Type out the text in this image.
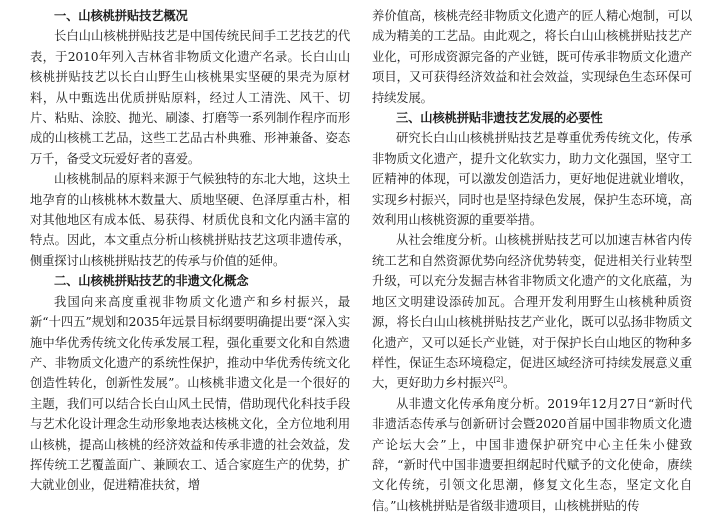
一、山核桃拼贴技艺概况

长白山山核桃拼贴技艺是中国传统民间手工艺技艺的代表，于2010年列入吉林省非物质文化遗产名录。长白山山核桃拼贴技艺以长白山野生山核桃果实坚硬的果壳为原材料，从中甄选出优质拼贴原料，经过人工清洗、风干、切片、粘贴、涂胶、抛光、刷漆、打磨等一系列制作程序而形成的山核桃工艺品，这些工艺品古朴典雅、形神兼备、姿态万千，备受文玩爱好者的喜爱。

山核桃制品的原料来源于气候独特的东北大地，这块土地孕育的山核桃林木数量大、质地坚硬、色泽厚重古朴，相对其他地区有成本低、易获得、材质优良和文化内涵丰富的特点。因此，本文重点分析山核桃拼贴技艺这项非遗传承，侧重探讨山核桃拼贴技艺的传承与价值的延伸。

二、山核桃拼贴技艺的非遗文化概念

我国向来高度重视非物质文化遗产和乡村振兴，最新“十四五”规划和2035年远景目标纲要明确提出要“深入实施中华优秀传统文化传承发展工程，强化重要文化和自然遗产、非物质文化遗产的系统性保护，推动中华优秀传统文化创造性转化，创新性发展”。山核桃非遗文化是一个很好的主题，我们可以结合长白山风土民情，借助现代化科技手段与艺术化设计理念生动形象地表达核桃文化，全方位地利用山核桃，提高山核桃的经济效益和传承非遗的社会效益，发挥传统工艺覆盖面广、兼顾农工、适合家庭生产的优势，扩大就业创业，促进精准扶贫，增

养价值高，核桃壳经非物质文化遗产的匠人精心炮制，可以成为精美的工艺品。由此观之，将长白山山核桃拼贴技艺产业化，可形成资源完备的产业链，既可传承非物质文化遗产项目，又可获得经济效益和社会效益，实现绿色生态环保可持续发展。

三、山核桃拼贴非遗技艺发展的必要性

研究长白山山核桃拼贴技艺是尊重优秀传统文化，传承非物质文化遗产，提升文化软实力，助力文化强国，坚守工匠精神的体现，可以激发创造活力，更好地促进就业增收，实现乡村振兴，同时也是坚持绿色发展，保护生态环境，高效利用山核桃资源的重要举措。

从社会维度分析。山核桃拼贴技艺可以加速吉林省内传统工艺和自然资源优势向经济优势转变，促进相关行业转型升级，可以充分发掘吉林省非物质文化遗产的文化底蕴，为地区文明建设添砖加瓦。合理开发利用野生山核桃种质资源，将长白山山核桃拼贴技艺产业化，既可以弘扬非物质文化遗产，又可以延长产业链，对于保护长白山地区的物种多样性，保证生态环境稳定，促进区域经济可持续发展意义重大，更好助力乡村振兴[2]。

从非遗文化传承角度分析。2019年12月27日“新时代非遗活态传承与创新研讨会暨2020首届中国非物质文化遗产论坛大会”上，中国非遗保护研究中心主任朱小健致辞，“新时代中国非遗要担纲起时代赋予的文化使命，赓续文化传统，引领文化思潮，修复文化生态，坚定文化自信。”山核桃拼贴是省级非遗项目，山核桃拼贴的传
